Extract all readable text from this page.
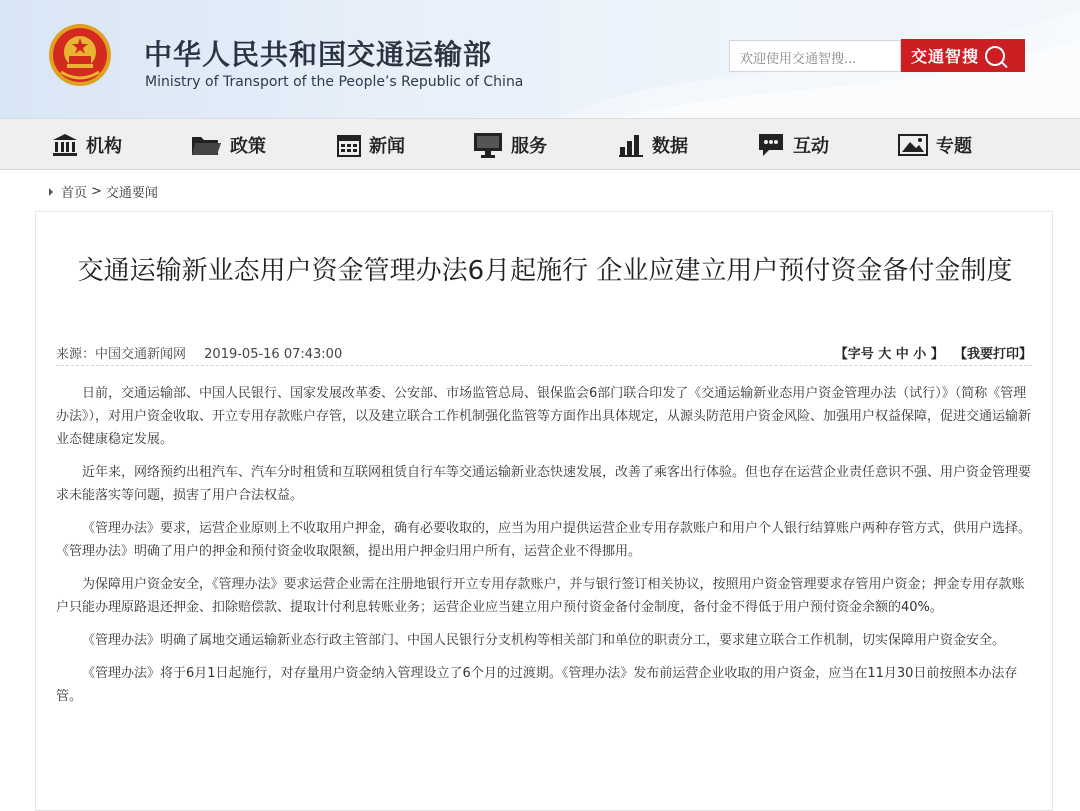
中华人民共和国交通运输部
Ministry of Transport of the People’s Republic of China
欢迎使用交通智搜...	交通智搜
机构	政策	新闻	服务	数据	互动	专题
首页 > 交通要闻
交通运输新业态用户资金管理办法6月起施行 企业应建立用户预付资金备付金制度
来源：中国交通新闻网 2019-05-16 07:43:00	【字号 大 中 小 】 【我要打印】

日前，交通运输部、中国人民银行、国家发展改革委、公安部、市场监管总局、银保监会6部门联合印发了《交通运输新业态用户资金管理办法（试行）》（简称《管理办法》），对用户资金收取、开立专用存款账户存管，以及建立联合工作机制强化监管等方面作出具体规定，从源头防范用户资金风险、加强用户权益保障，促进交通运输新业态健康稳定发展。

近年来，网络预约出租汽车、汽车分时租赁和互联网租赁自行车等交通运输新业态快速发展，改善了乘客出行体验。但也存在运营企业责任意识不强、用户资金管理要求未能落实等问题，损害了用户合法权益。

《管理办法》要求，运营企业原则上不收取用户押金，确有必要收取的，应当为用户提供运营企业专用存款账户和用户个人银行结算账户两种存管方式，供用户选择。《管理办法》明确了用户的押金和预付资金收取限额，提出用户押金归用户所有，运营企业不得挪用。

为保障用户资金安全，《管理办法》要求运营企业需在注册地银行开立专用存款账户，并与银行签订相关协议，按照用户资金管理要求存管用户资金；押金专用存款账户只能办理原路退还押金、扣除赔偿款、提取计付利息转账业务；运营企业应当建立用户预付资金备付金制度，备付金不得低于用户预付资金余额的40%。

《管理办法》明确了属地交通运输新业态行政主管部门、中国人民银行分支机构等相关部门和单位的职责分工，要求建立联合工作机制，切实保障用户资金安全。

《管理办法》将于6月1日起施行，对存量用户资金纳入管理设立了6个月的过渡期。《管理办法》发布前运营企业收取的用户资金，应当在11月30日前按照本办法存管。
